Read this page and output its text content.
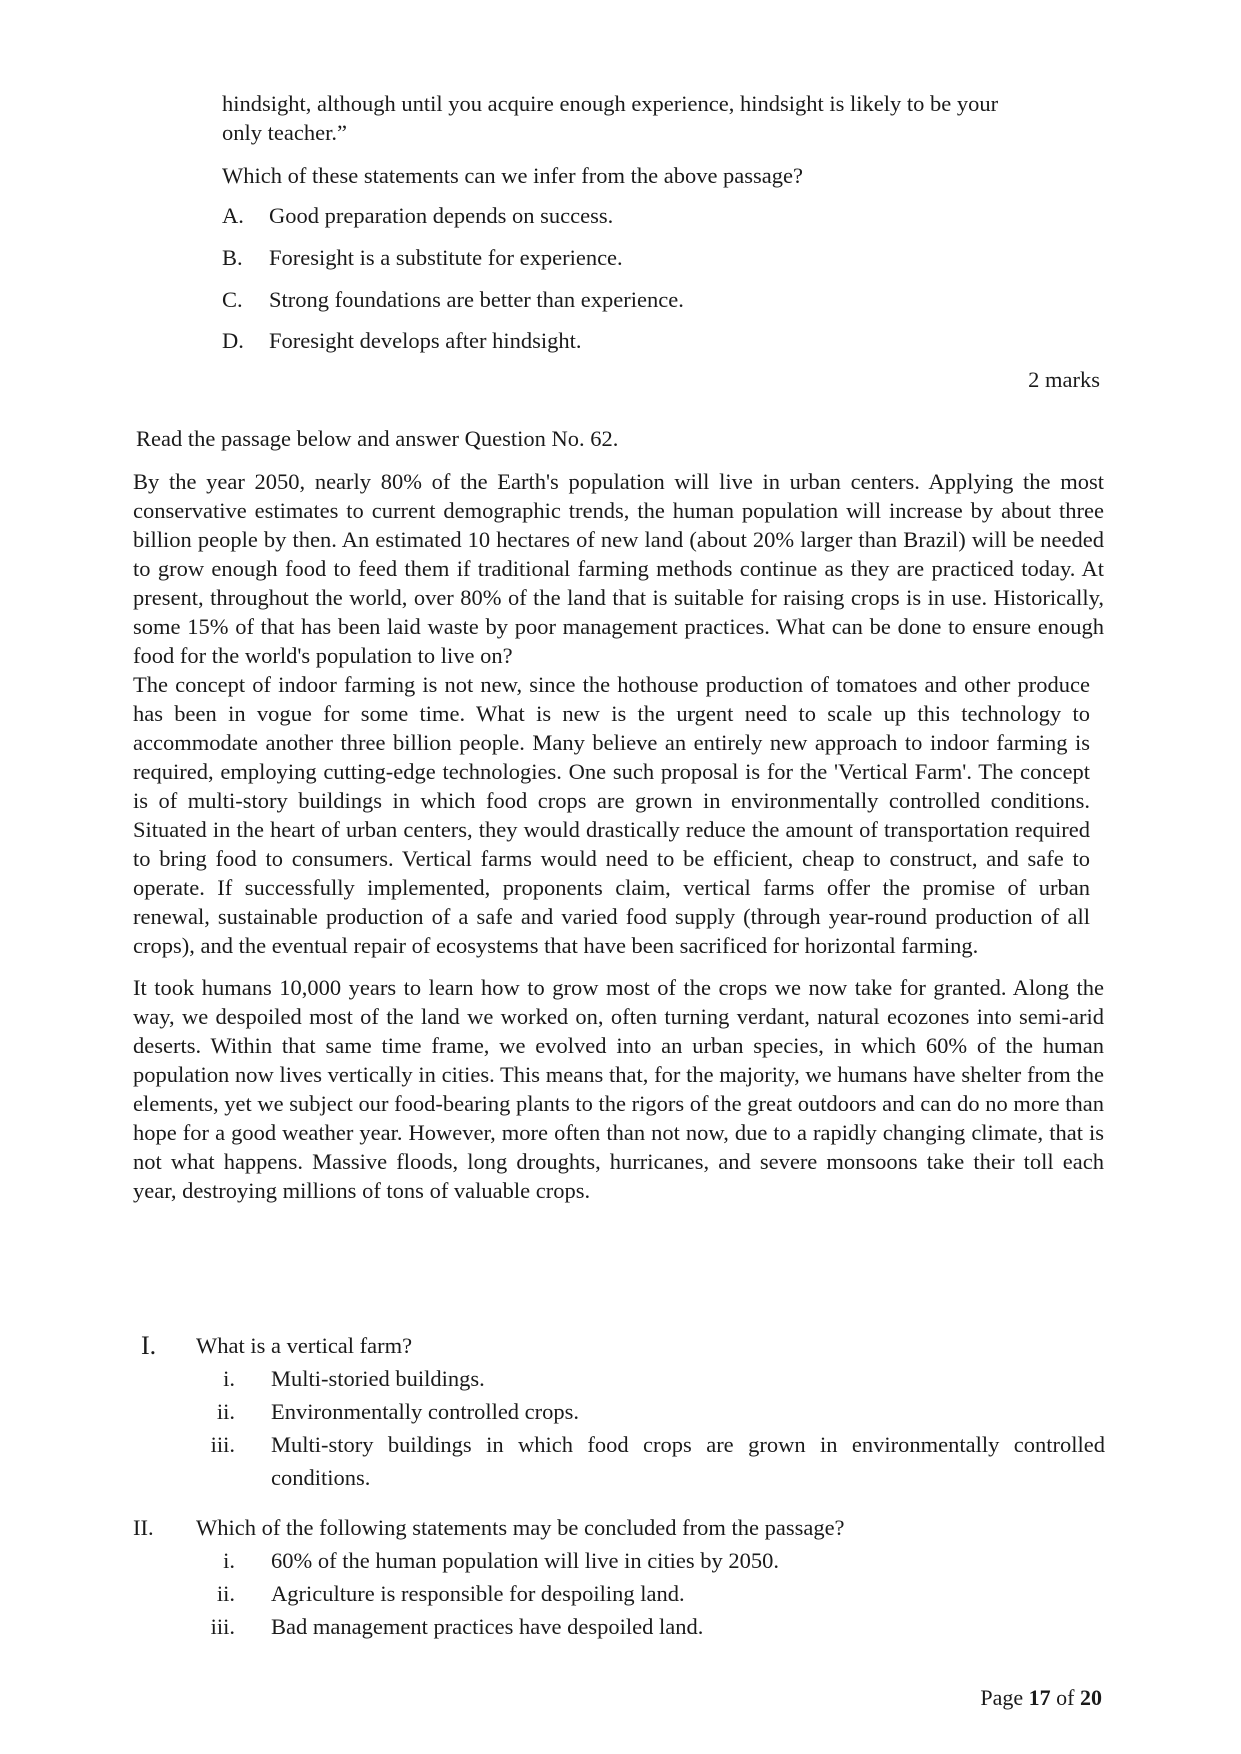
hindsight, although until you acquire enough experience, hindsight is likely to be your

only teacher.”

Which of these statements can we infer from the above passage?
A.	Good preparation depends on success.
B.	Foresight is a substitute for experience.
C.	Strong foundations are better than experience.
D.	Foresight develops after hindsight.
2 marks
Read the passage below and answer Question No. 62.

By the year 2050, nearly 80% of the Earth's population will live in urban centers. Applying the most conservative estimates to current demographic trends, the human population will increase by about three billion people by then. An estimated 10 hectares of new land (about 20% larger than Brazil) will be needed to grow enough food to feed them if traditional farming methods continue as they are practiced today. At present, throughout the world, over 80% of the land that is suitable for raising crops is in use. Historically, some 15% of that has been laid waste by poor management practices. What can be done to ensure enough food for the world's population to live on?

The concept of indoor farming is not new, since the hothouse production of tomatoes and other produce has been in vogue for some time. What is new is the urgent need to scale up this technology to accommodate another three billion people. Many believe an entirely new approach to indoor farming is required, employing cutting-edge technologies. One such proposal is for the 'Vertical Farm'. The concept is of multi-story buildings in which food crops are grown in environmentally controlled conditions. Situated in the heart of urban centers, they would drastically reduce the amount of transportation required to bring food to consumers. Vertical farms would need to be efficient, cheap to construct, and safe to operate. If successfully implemented, proponents claim, vertical farms offer the promise of urban renewal, sustainable production of a safe and varied food supply (through year-round production of all crops), and the eventual repair of ecosystems that have been sacrificed for horizontal farming.

It took humans 10,000 years to learn how to grow most of the crops we now take for granted. Along the way, we despoiled most of the land we worked on, often turning verdant, natural ecozones into semi-arid deserts. Within that same time frame, we evolved into an urban species, in which 60% of the human population now lives vertically in cities. This means that, for the majority, we humans have shelter from the elements, yet we subject our food-bearing plants to the rigors of the great outdoors and can do no more than hope for a good weather year. However, more often than not now, due to a rapidly changing climate, that is not what happens. Massive floods, long droughts, hurricanes, and severe monsoons take their toll each year, destroying millions of tons of valuable crops.

I. What is a vertical farm?
i. Multi-storied buildings.
ii. Environmentally controlled crops.
iii. Multi-story buildings in which food crops are grown in environmentally controlled conditions.
II. Which of the following statements may be concluded from the passage?
i. 60% of the human population will live in cities by 2050.
ii. Agriculture is responsible for despoiling land.
iii. Bad management practices have despoiled land.
Page 17 of 20
